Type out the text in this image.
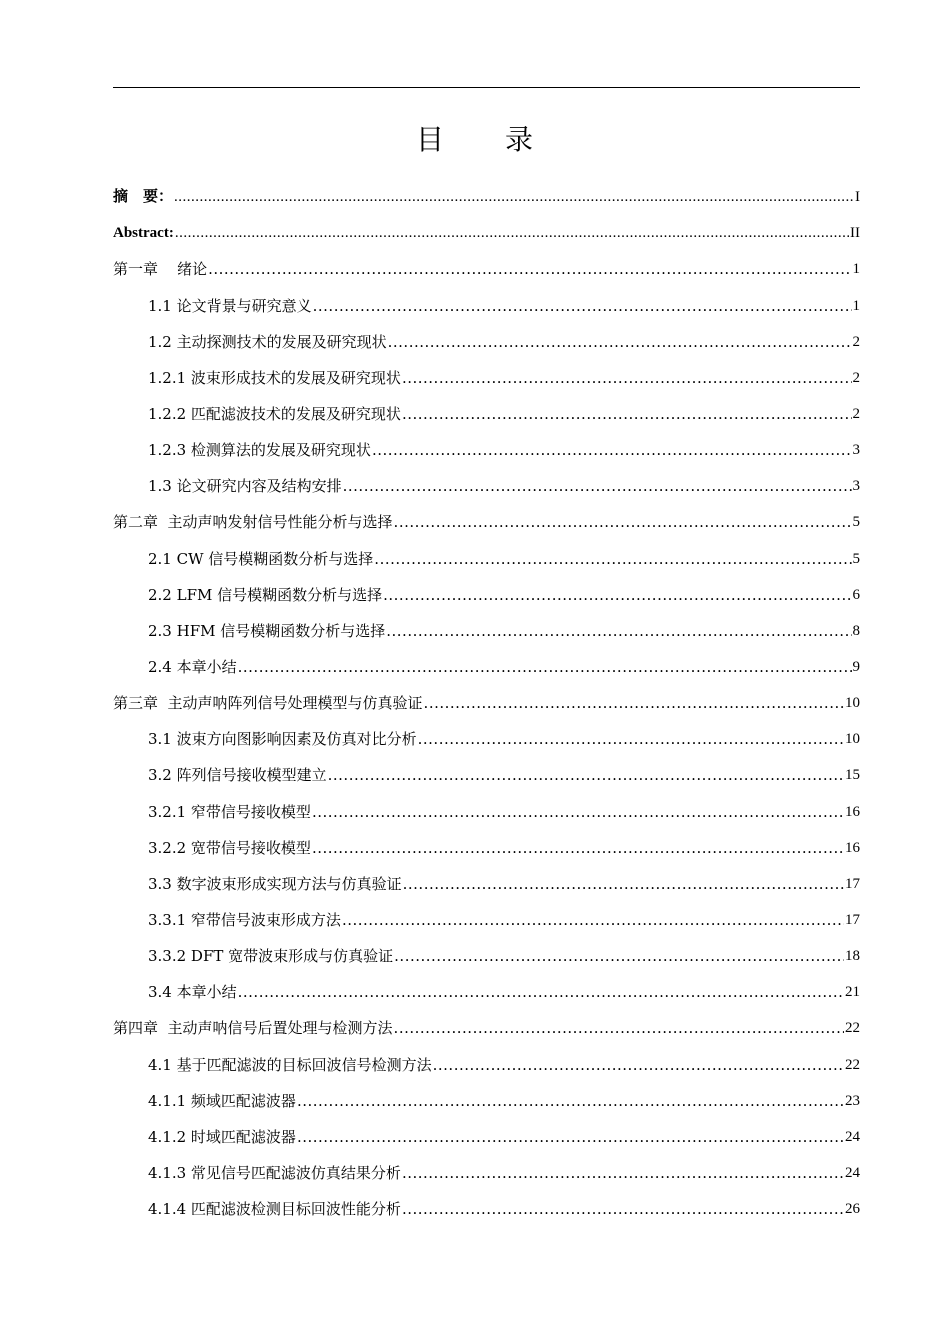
目 录
摘    要： .....	I
Abstract: .....	II
第一章    绪论 .....	1
1.1 论文背景与研究意义 .....	1
1.2 主动探测技术的发展及研究现状 .....	2
1.2.1 波束形成技术的发展及研究现状 .....	2
1.2.2 匹配滤波技术的发展及研究现状 .....	2
1.2.3 检测算法的发展及研究现状 .....	3
1.3 论文研究内容及结构安排 .....	3
第二章  主动声呐发射信号性能分析与选择 .....	5
2.1 CW 信号模糊函数分析与选择 .....	5
2.2 LFM 信号模糊函数分析与选择 .....	6
2.3 HFM 信号模糊函数分析与选择 .....	8
2.4 本章小结 .....	9
第三章  主动声呐阵列信号处理模型与仿真验证 .....	10
3.1 波束方向图影响因素及仿真对比分析 .....	10
3.2 阵列信号接收模型建立 .....	15
3.2.1 窄带信号接收模型 .....	16
3.2.2 宽带信号接收模型 .....	16
3.3 数字波束形成实现方法与仿真验证 .....	17
3.3.1 窄带信号波束形成方法 .....	17
3.3.2 DFT 宽带波束形成与仿真验证 .....	18
3.4 本章小结 .....	21
第四章  主动声呐信号后置处理与检测方法 .....	22
4.1 基于匹配滤波的目标回波信号检测方法 .....	22
4.1.1 频域匹配滤波器 .....	23
4.1.2 时域匹配滤波器 .....	24
4.1.3 常见信号匹配滤波仿真结果分析 .....	24
4.1.4 匹配滤波检测目标回波性能分析 .....	26
